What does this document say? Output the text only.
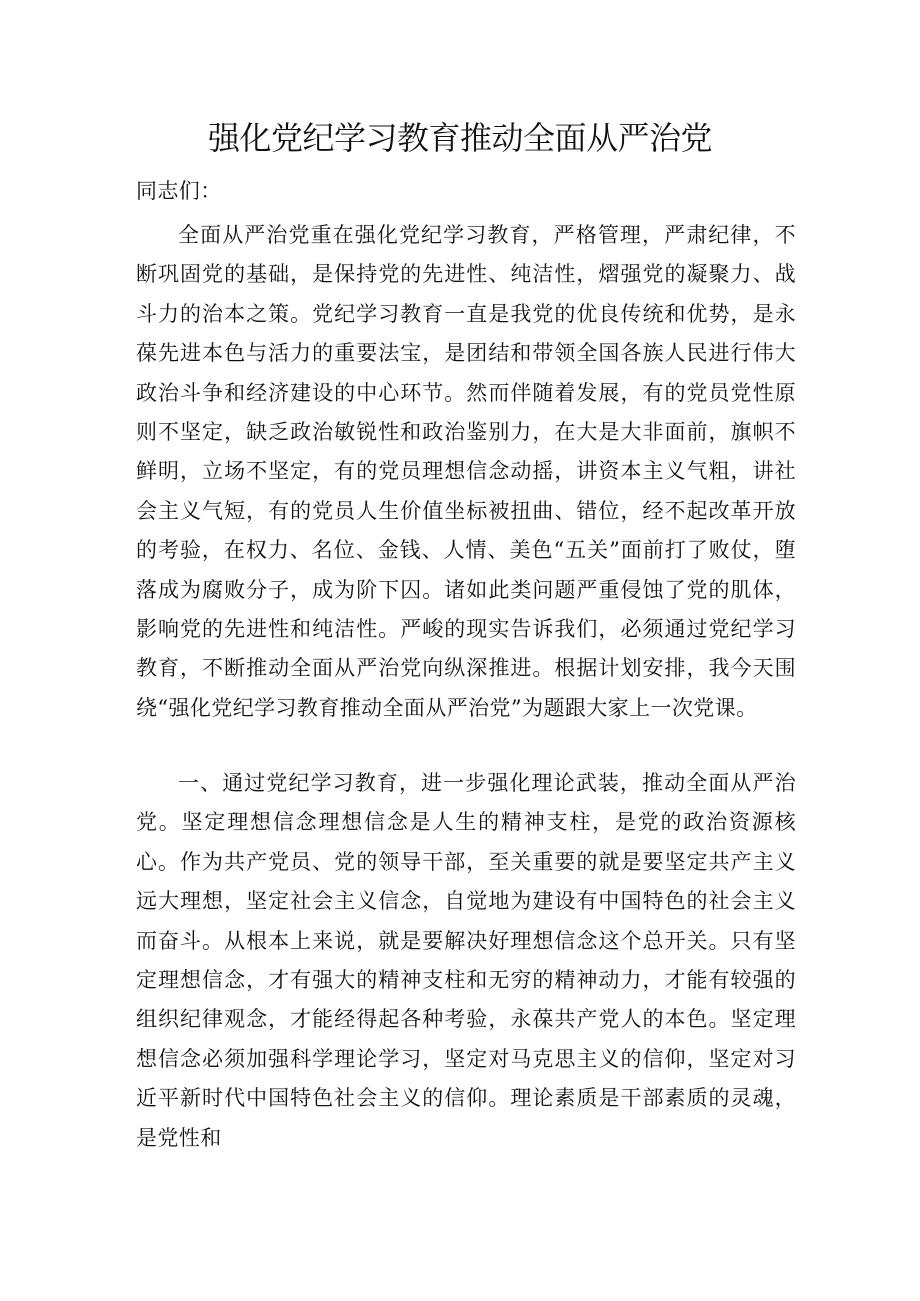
强化党纪学习教育推动全面从严治党

同志们：

全面从严治党重在强化党纪学习教育，严格管理，严肃纪律，不断巩固党的基础，是保持党的先进性、纯洁性，熠强党的凝聚力、战斗力的治本之策。党纪学习教育一直是我党的优良传统和优势，是永葆先进本色与活力的重要法宝，是团结和带领全国各族人民进行伟大政治斗争和经济建设的中心环节。然而伴随着发展，有的党员党性原则不坚定，缺乏政治敏锐性和政治鉴别力，在大是大非面前，旗帜不鲜明，立场不坚定，有的党员理想信念动摇，讲资本主义气粗，讲社会主义气短，有的党员人生价值坐标被扭曲、错位，经不起改革开放的考验，在权力、名位、金钱、人情、美色“五关”面前打了败仗，堕落成为腐败分子，成为阶下囚。诸如此类问题严重侵蚀了党的肌体，影响党的先进性和纯洁性。严峻的现实告诉我们，必须通过党纪学习教育，不断推动全面从严治党向纵深推进。根据计划安排，我今天围绕“强化党纪学习教育推动全面从严治党”为题跟大家上一次党课。

一、通过党纪学习教育，进一步强化理论武装，推动全面从严治党。坚定理想信念理想信念是人生的精神支柱，是党的政治资源核心。作为共产党员、党的领导干部，至关重要的就是要坚定共产主义远大理想，坚定社会主义信念，自觉地为建设有中国特色的社会主义而奋斗。从根本上来说，就是要解决好理想信念这个总开关。只有坚定理想信念，才有强大的精神支柱和无穷的精神动力，才能有较强的组织纪律观念，才能经得起各种考验，永葆共产党人的本色。坚定理想信念必须加强科学理论学习，坚定对马克思主义的信仰，坚定对习近平新时代中国特色社会主义的信仰。理论素质是干部素质的灵魂，是党性和
